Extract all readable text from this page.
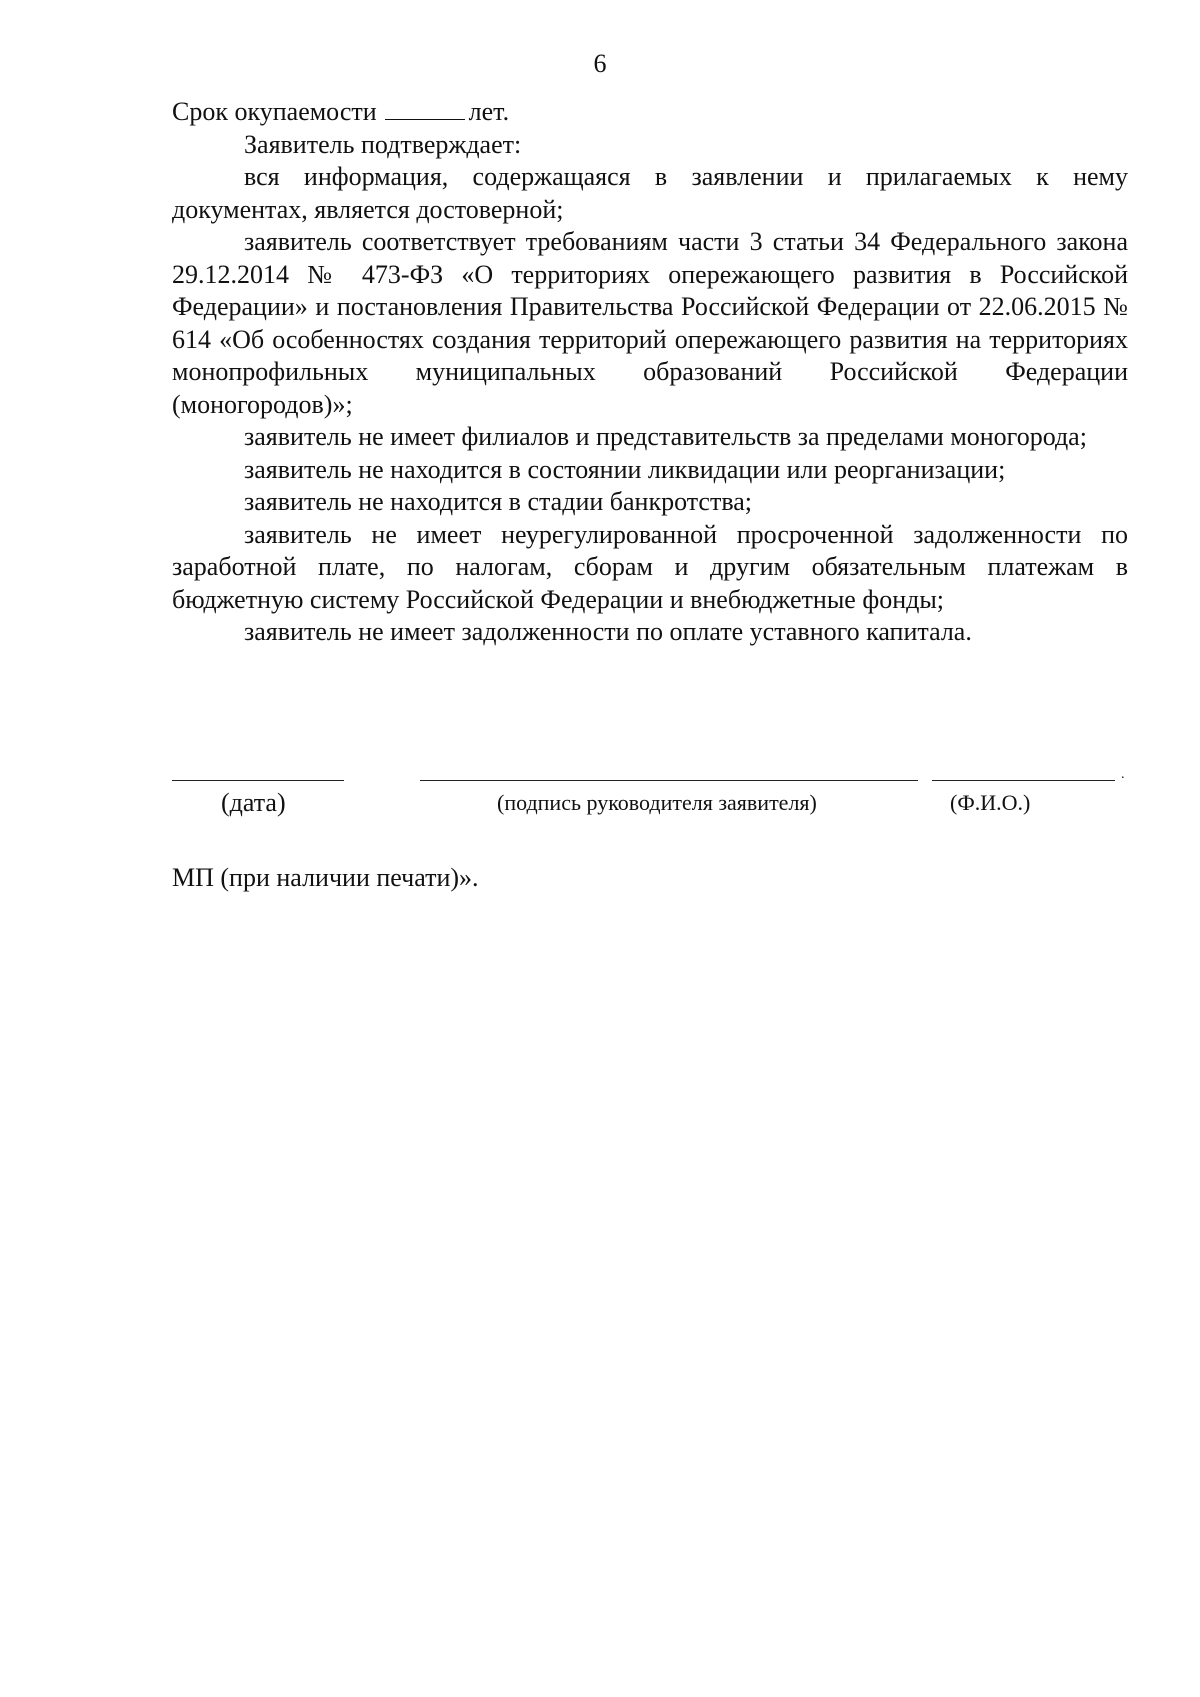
6

Срок окупаемости	лет.

Заявитель подтверждает:

вся информация, содержащаяся в заявлении и прилагаемых к нему документах, является достоверной;

заявитель соответствует требованиям части 3 статьи 34 Федерального закона 29.12.2014 № 473-ФЗ «О территориях опережающего развития в Российской Федерации» и постановления Правительства Российской Федерации от 22.06.2015 № 614 «Об особенностях создания территорий опережающего развития на территориях монопрофильных муниципальных образований Российской Федерации (моногородов)»;

заявитель не имеет филиалов и представительств за пределами моногорода;

заявитель не находится в состоянии ликвидации или реорганизации;

заявитель не находится в стадии банкротства;

заявитель не имеет неурегулированной просроченной задолженности по заработной плате, по налогам, сборам и другим обязательным платежам в бюджетную систему Российской Федерации и внебюджетные фонды;

заявитель не имеет задолженности по оплате уставного капитала.

.
(дата)	(подпись руководителя заявителя)	(Ф.И.О.)
МП (при наличии печати)».
